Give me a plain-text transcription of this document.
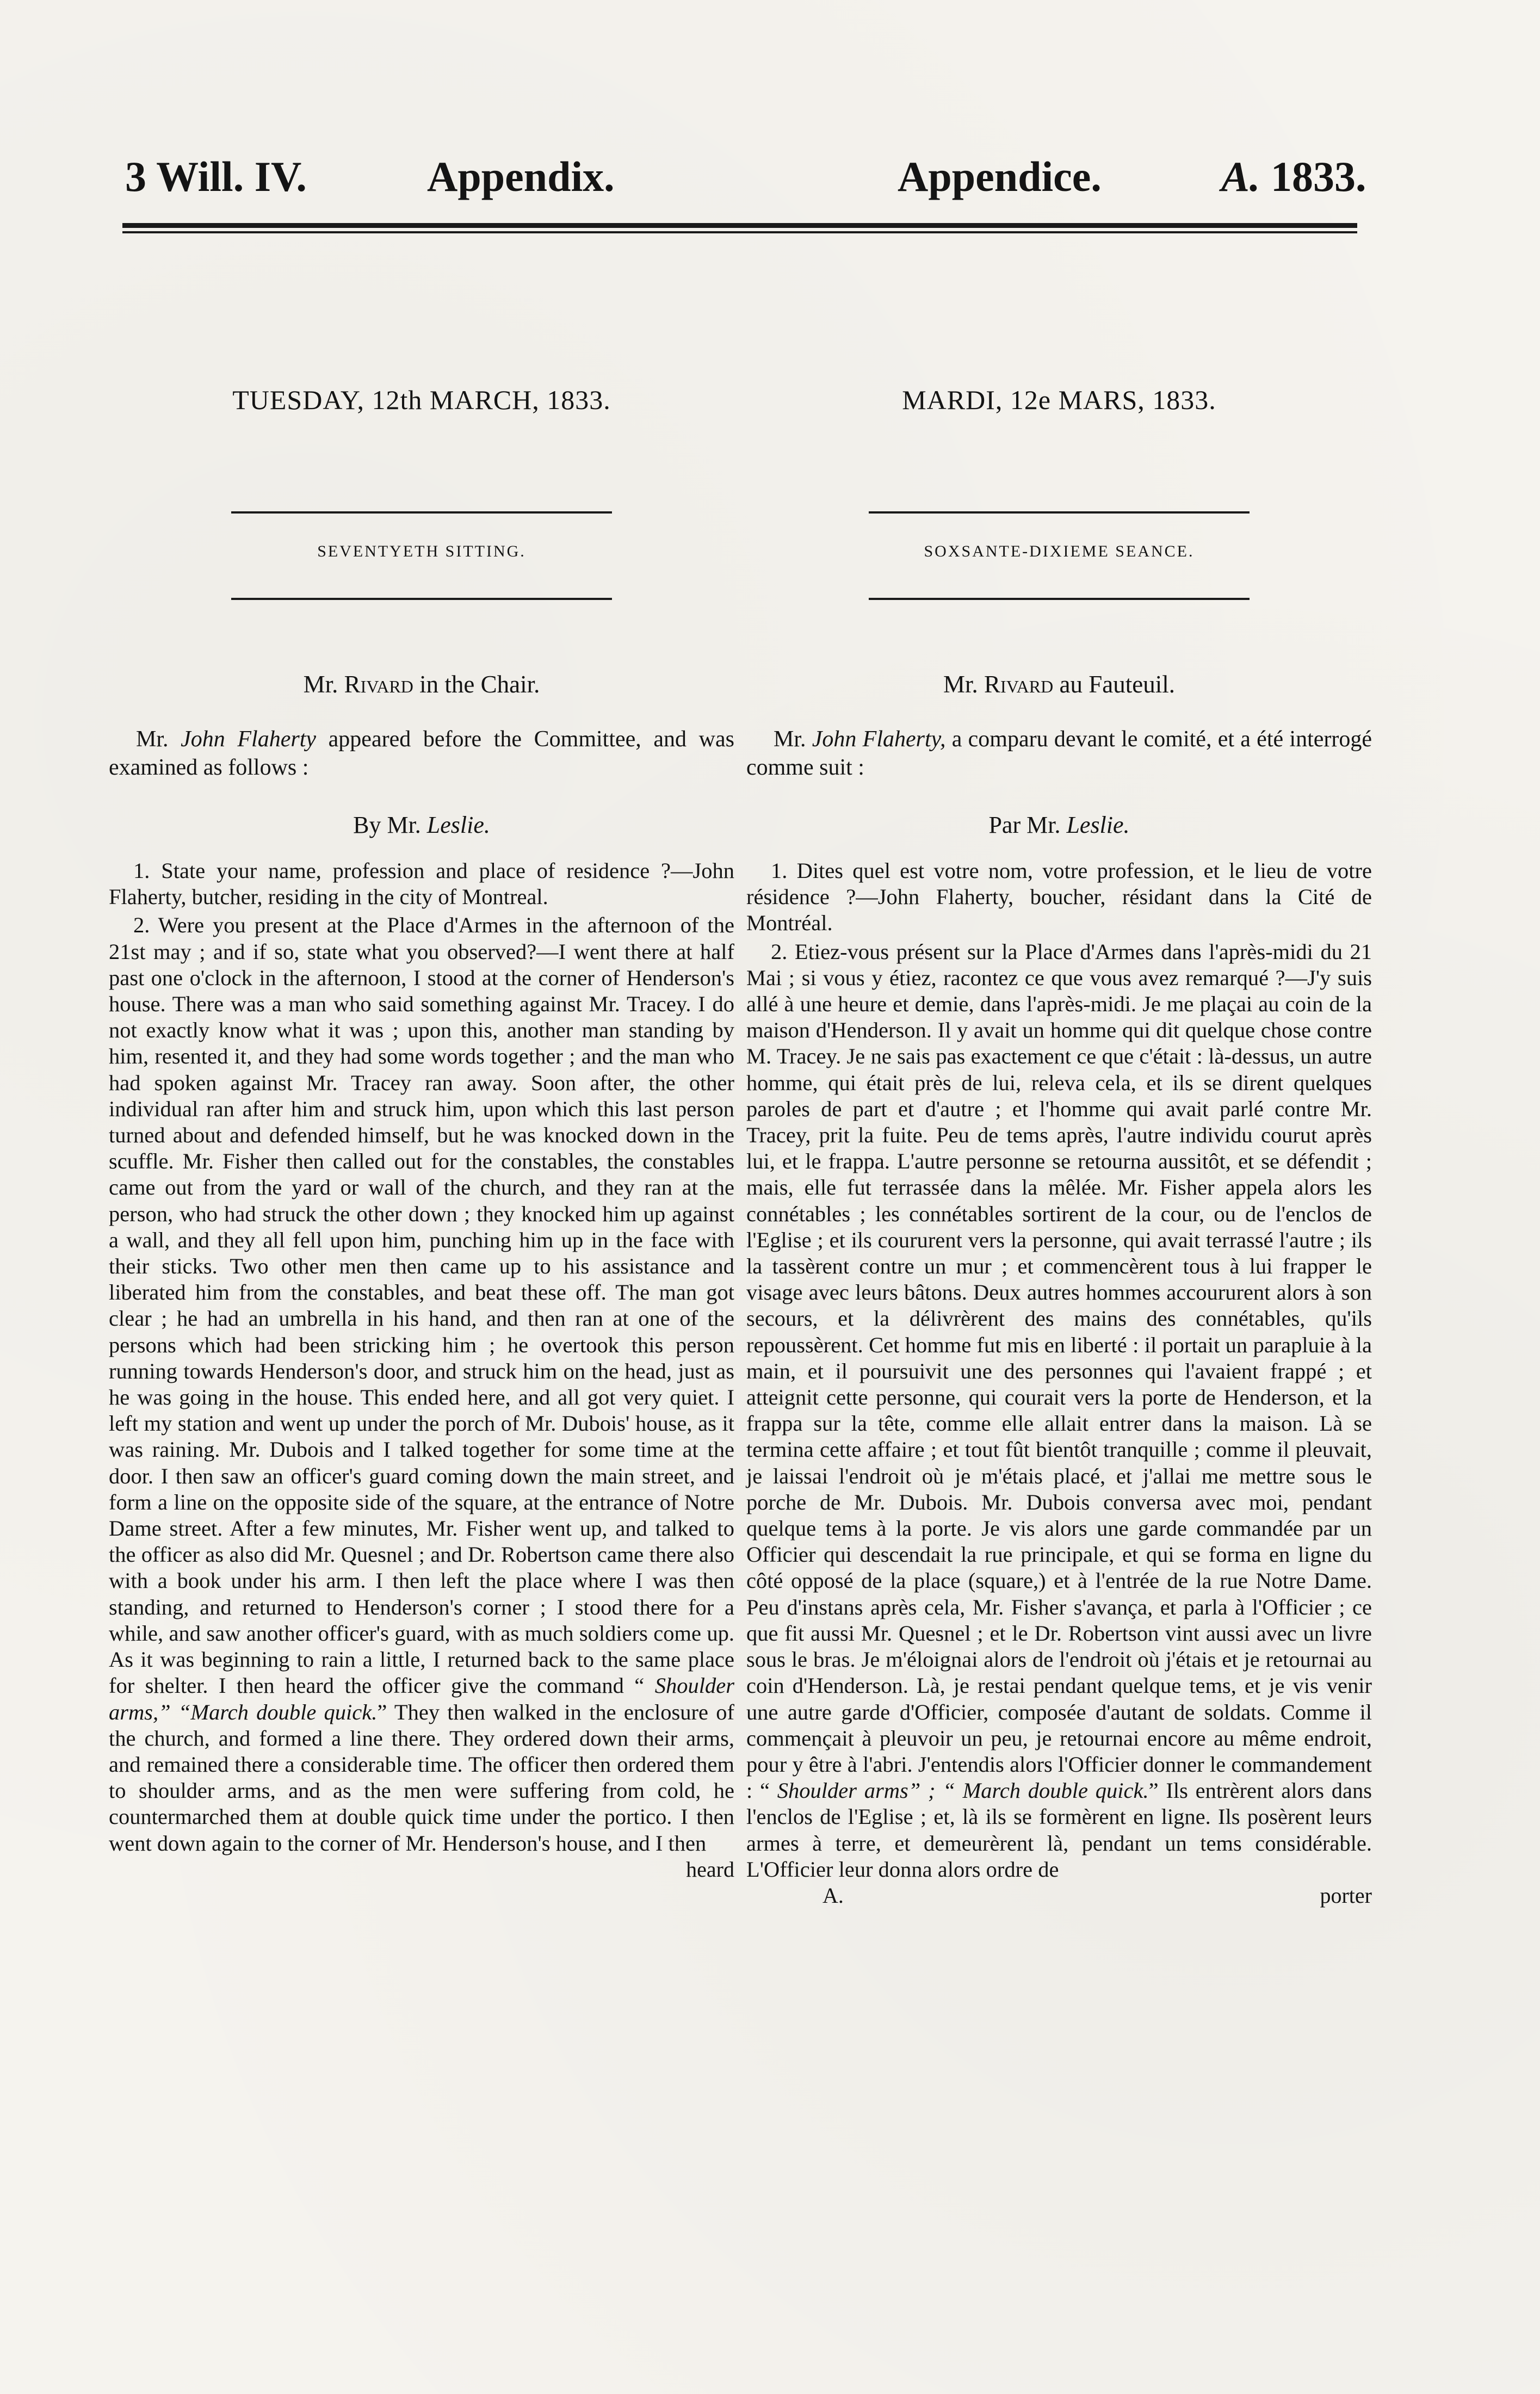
3 Will. IV.	Appendix.	Appendice.	A. 1833.
TUESDAY, 12th MARCH, 1833.
SEVENTYETH SITTING.
Mr. Rivard in the Chair.

Mr. John Flaherty appeared before the Committee, and was examined as follows :

By Mr. Leslie.

1. State your name, profession and place of residence ?—John Flaherty, butcher, residing in the city of Montreal.

2. Were you present at the Place d'Armes in the afternoon of the 21st may ; and if so, state what you observed?—I went there at half past one o'clock in the afternoon, I stood at the corner of Henderson's house. There was a man who said something against Mr. Tracey. I do not exactly know what it was ; upon this, another man standing by him, resented it, and they had some words together ; and the man who had spoken against Mr. Tracey ran away. Soon after, the other individual ran after him and struck him, upon which this last person turned about and defended himself, but he was knocked down in the scuffle. Mr. Fisher then called out for the constables, the constables came out from the yard or wall of the church, and they ran at the person, who had struck the other down ; they knocked him up against a wall, and they all fell upon him, punching him up in the face with their sticks. Two other men then came up to his assistance and liberated him from the constables, and beat these off. The man got clear ; he had an umbrella in his hand, and then ran at one of the persons which had been stricking him ; he overtook this person running towards Henderson's door, and struck him on the head, just as he was going in the house. This ended here, and all got very quiet. I left my station and went up under the porch of Mr. Dubois' house, as it was raining. Mr. Dubois and I talked together for some time at the door. I then saw an officer's guard coming down the main street, and form a line on the opposite side of the square, at the entrance of Notre Dame street. After a few minutes, Mr. Fisher went up, and talked to the officer as also did Mr. Quesnel ; and Dr. Robertson came there also with a book under his arm. I then left the place where I was then standing, and returned to Henderson's corner ; I stood there for a while, and saw another officer's guard, with as much soldiers come up. As it was beginning to rain a little, I returned back to the same place for shelter. I then heard the officer give the command “ Shoulder arms,” “March double quick.” They then walked in the enclosure of the church, and formed a line there. They ordered down their arms, and remained there a considerable time. The officer then ordered them to shoulder arms, and as the men were suffering from cold, he countermarched them at double quick time under the portico. I then went down again to the corner of Mr. Henderson's house, and I then

heard
MARDI, 12e MARS, 1833.
SOXSANTE-DIXIEME SEANCE.
Mr. Rivard au Fauteuil.

Mr. John Flaherty, a comparu devant le comité, et a été interrogé comme suit :

Par Mr. Leslie.

1. Dites quel est votre nom, votre profession, et le lieu de votre résidence ?—John Flaherty, boucher, résidant dans la Cité de Montréal.

2. Etiez-vous présent sur la Place d'Armes dans l'après-midi du 21 Mai ; si vous y étiez, racontez ce que vous avez remarqué ?—J'y suis allé à une heure et demie, dans l'après-midi. Je me plaçai au coin de la maison d'Henderson. Il y avait un homme qui dit quelque chose contre M. Tracey. Je ne sais pas exactement ce que c'était : là-dessus, un autre homme, qui était près de lui, releva cela, et ils se dirent quelques paroles de part et d'autre ; et l'homme qui avait parlé contre Mr. Tracey, prit la fuite. Peu de tems après, l'autre individu courut après lui, et le frappa. L'autre personne se retourna aussitôt, et se défendit ; mais, elle fut terrassée dans la mêlée. Mr. Fisher appela alors les connétables ; les connétables sortirent de la cour, ou de l'enclos de l'Eglise ; et ils coururent vers la personne, qui avait terrassé l'autre ; ils la tassèrent contre un mur ; et commencèrent tous à lui frapper le visage avec leurs bâtons. Deux autres hommes accoururent alors à son secours, et la délivrèrent des mains des connétables, qu'ils repoussèrent. Cet homme fut mis en liberté : il portait un parapluie à la main, et il poursuivit une des personnes qui l'avaient frappé ; et atteignit cette personne, qui courait vers la porte de Henderson, et la frappa sur la tête, comme elle allait entrer dans la maison. Là se termina cette affaire ; et tout fût bientôt tranquille ; comme il pleuvait, je laissai l'endroit où je m'étais placé, et j'allai me mettre sous le porche de Mr. Dubois. Mr. Dubois conversa avec moi, pendant quelque tems à la porte. Je vis alors une garde commandée par un Officier qui descendait la rue principale, et qui se forma en ligne du côté opposé de la place (square,) et à l'entrée de la rue Notre Dame. Peu d'instans après cela, Mr. Fisher s'avança, et parla à l'Officier ; ce que fit aussi Mr. Quesnel ; et le Dr. Robertson vint aussi avec un livre sous le bras. Je m'éloignai alors de l'endroit où j'étais et je retournai au coin d'Henderson. Là, je restai pendant quelque tems, et je vis venir une autre garde d'Officier, composée d'autant de soldats. Comme il commençait à pleuvoir un peu, je retournai encore au même endroit, pour y être à l'abri. J'entendis alors l'Officier donner le commandement : “ Shoulder arms” ; “ March double quick.” Ils entrèrent alors dans l'enclos de l'Eglise ; et, là ils se formèrent en ligne. Ils posèrent leurs armes à terre, et demeurèrent là, pendant un tems considérable. L'Officier leur donna alors ordre de

A.	porter
